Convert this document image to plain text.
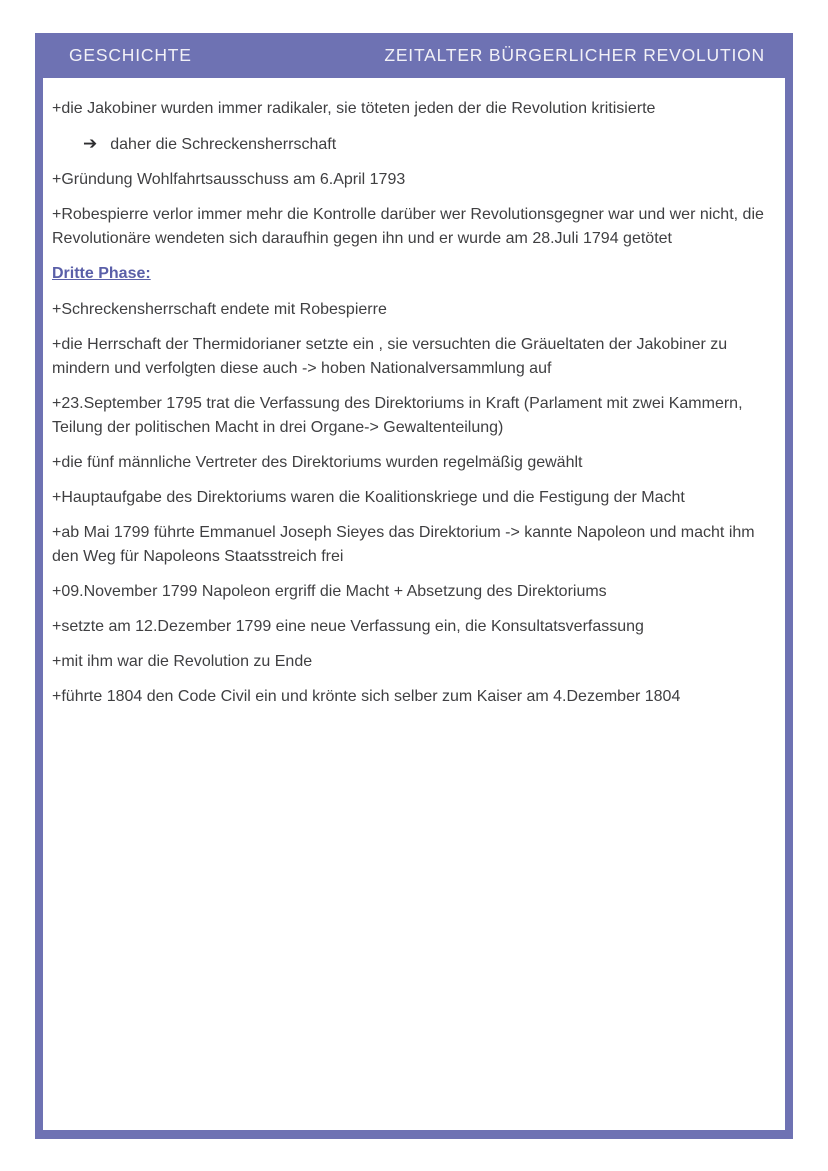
GESCHICHTE	ZEITALTER BÜRGERLICHER REVOLUTION

+die Jakobiner wurden immer radikaler, sie töteten jeden der die Revolution kritisierte

➔ daher die Schreckensherrschaft

+Gründung Wohlfahrtsausschuss am 6.April 1793

+Robespierre verlor immer mehr die Kontrolle darüber wer Revolutionsgegner war und wer nicht, die Revolutionäre wendeten sich daraufhin gegen ihn und er wurde am 28.Juli 1794 getötet

Dritte Phase:

+Schreckensherrschaft endete mit Robespierre

+die Herrschaft der Thermidorianer setzte ein , sie versuchten die Gräueltaten der Jakobiner zu mindern und verfolgten diese auch -> hoben Nationalversammlung auf

+23.September 1795 trat die Verfassung des Direktoriums in Kraft (Parlament mit zwei Kammern, Teilung der politischen Macht in drei Organe-> Gewaltenteilung)

+die fünf männliche Vertreter des Direktoriums wurden regelmäßig gewählt

+Hauptaufgabe des Direktoriums waren die Koalitionskriege und die Festigung der Macht

+ab Mai 1799 führte Emmanuel Joseph Sieyes das Direktorium -> kannte Napoleon und macht ihm den Weg für Napoleons Staatsstreich frei

+09.November 1799 Napoleon ergriff die Macht + Absetzung des Direktoriums

+setzte am 12.Dezember 1799 eine neue Verfassung ein, die Konsultatsverfassung

+mit ihm war die Revolution zu Ende

+führte 1804 den Code Civil ein und krönte sich selber zum Kaiser am 4.Dezember 1804
